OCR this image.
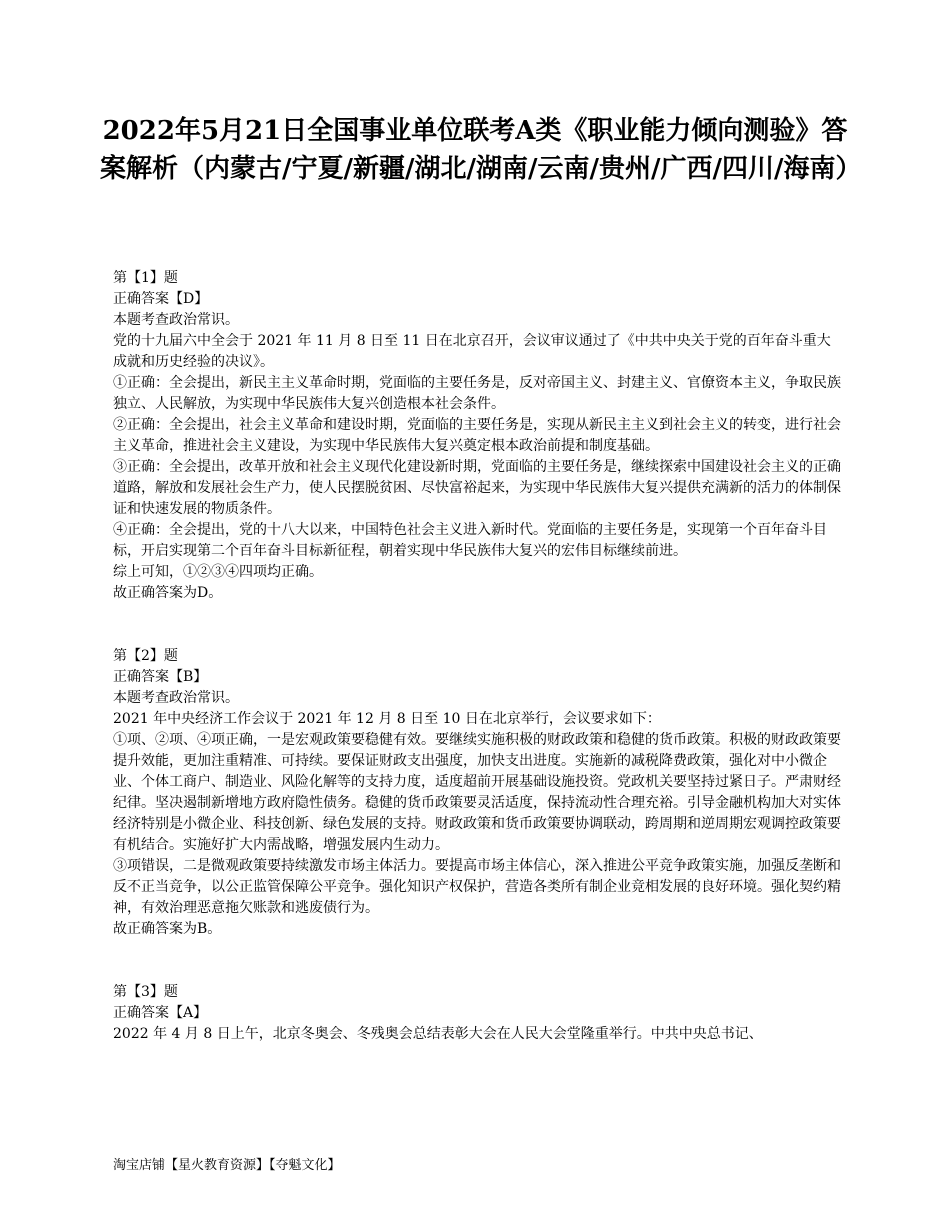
2022年5月21日全国事业单位联考A类《职业能力倾向测验》答案解析（内蒙古/宁夏/新疆/湖北/湖南/云南/贵州/广西/四川/海南）

第【1】题

正确答案【D】

本题考查政治常识。

党的十九届六中全会于 2021 年 11 月 8 日至 11 日在北京召开，会议审议通过了《中共中央关于党的百年奋斗重大成就和历史经验的决议》。

①正确：全会提出，新民主主义革命时期，党面临的主要任务是，反对帝国主义、封建主义、官僚资本主义，争取民族独立、人民解放，为实现中华民族伟大复兴创造根本社会条件。

②正确：全会提出，社会主义革命和建设时期，党面临的主要任务是，实现从新民主主义到社会主义的转变，进行社会主义革命，推进社会主义建设，为实现中华民族伟大复兴奠定根本政治前提和制度基础。

③正确：全会提出，改革开放和社会主义现代化建设新时期，党面临的主要任务是，继续探索中国建设社会主义的正确道路，解放和发展社会生产力，使人民摆脱贫困、尽快富裕起来，为实现中华民族伟大复兴提供充满新的活力的体制保证和快速发展的物质条件。

④正确：全会提出，党的十八大以来，中国特色社会主义进入新时代。党面临的主要任务是，实现第一个百年奋斗目标，开启实现第二个百年奋斗目标新征程，朝着实现中华民族伟大复兴的宏伟目标继续前进。

综上可知，①②③④四项均正确。

故正确答案为D。

第【2】题

正确答案【B】

本题考查政治常识。

2021 年中央经济工作会议于 2021 年 12 月 8 日至 10 日在北京举行，会议要求如下：

①项、②项、④项正确，一是宏观政策要稳健有效。要继续实施积极的财政政策和稳健的货币政策。积极的财政政策要提升效能，更加注重精准、可持续。要保证财政支出强度，加快支出进度。实施新的减税降费政策，强化对中小微企业、个体工商户、制造业、风险化解等的支持力度，适度超前开展基础设施投资。党政机关要坚持过紧日子。严肃财经纪律。坚决遏制新增地方政府隐性债务。稳健的货币政策要灵活适度，保持流动性合理充裕。引导金融机构加大对实体经济特别是小微企业、科技创新、绿色发展的支持。财政政策和货币政策要协调联动，跨周期和逆周期宏观调控政策要有机结合。实施好扩大内需战略，增强发展内生动力。

③项错误，二是微观政策要持续激发市场主体活力。要提高市场主体信心，深入推进公平竞争政策实施，加强反垄断和反不正当竞争，以公正监管保障公平竞争。强化知识产权保护，营造各类所有制企业竞相发展的良好环境。强化契约精神，有效治理恶意拖欠账款和逃废债行为。

故正确答案为B。

第【3】题

正确答案【A】

2022 年 4 月 8 日上午，北京冬奥会、冬残奥会总结表彰大会在人民大会堂隆重举行。中共中央总书记、

淘宝店铺【星火教育资源】【夺魁文化】
